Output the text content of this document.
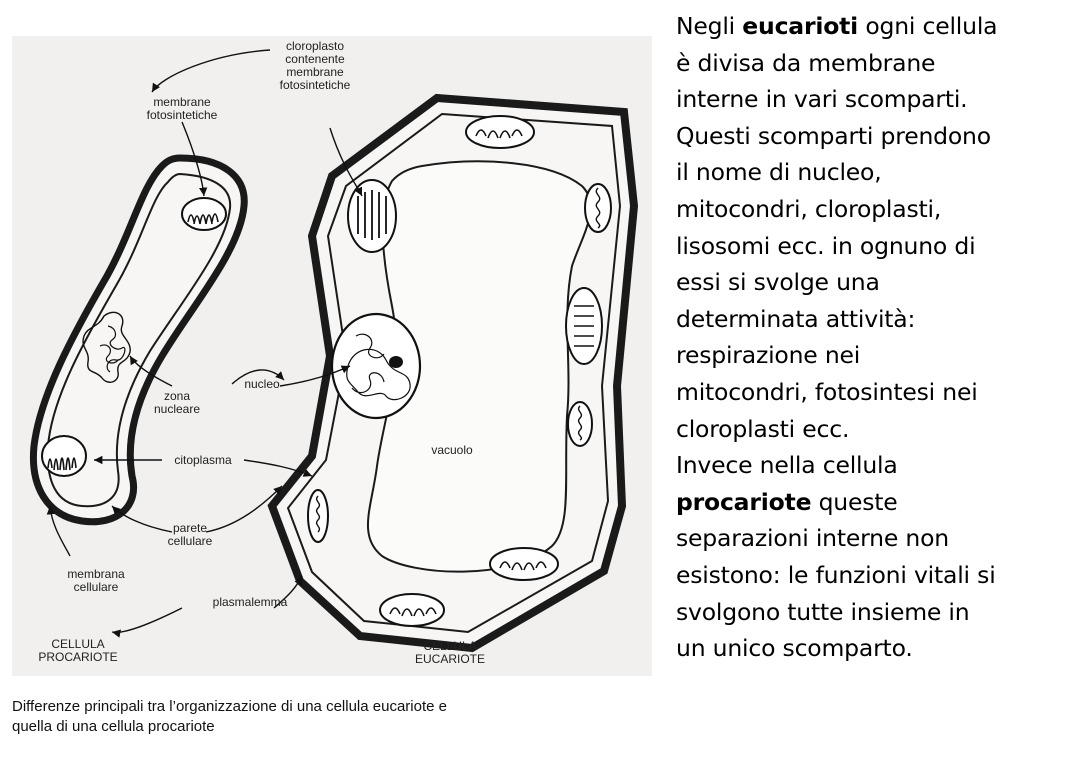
cloroplasto
contenente
membrane
fotosintetiche
membrane
fotosintetiche
nucleo
zona
nucleare
vacuolo
citoplasma
parete
cellulare
membrana
cellulare
plasmalemma
CELLULA
PROCARIOTE
CELLULA
EUCARIOTE
Differenze principali tra l’organizzazione di una cellula eucariote e
quella di una cellula procariote
Negli eucarioti ogni cellula
è divisa da membrane
interne in vari scomparti.
Questi scomparti prendono
il nome di nucleo,
mitocondri, cloroplasti,
lisosomi ecc. in ognuno di
essi si svolge una
determinata attività:
respirazione nei
mitocondri, fotosintesi nei
cloroplasti ecc.
Invece nella cellula
procariote queste
separazioni interne non
esistono: le funzioni vitali si
svolgono tutte insieme in
un unico scomparto.
